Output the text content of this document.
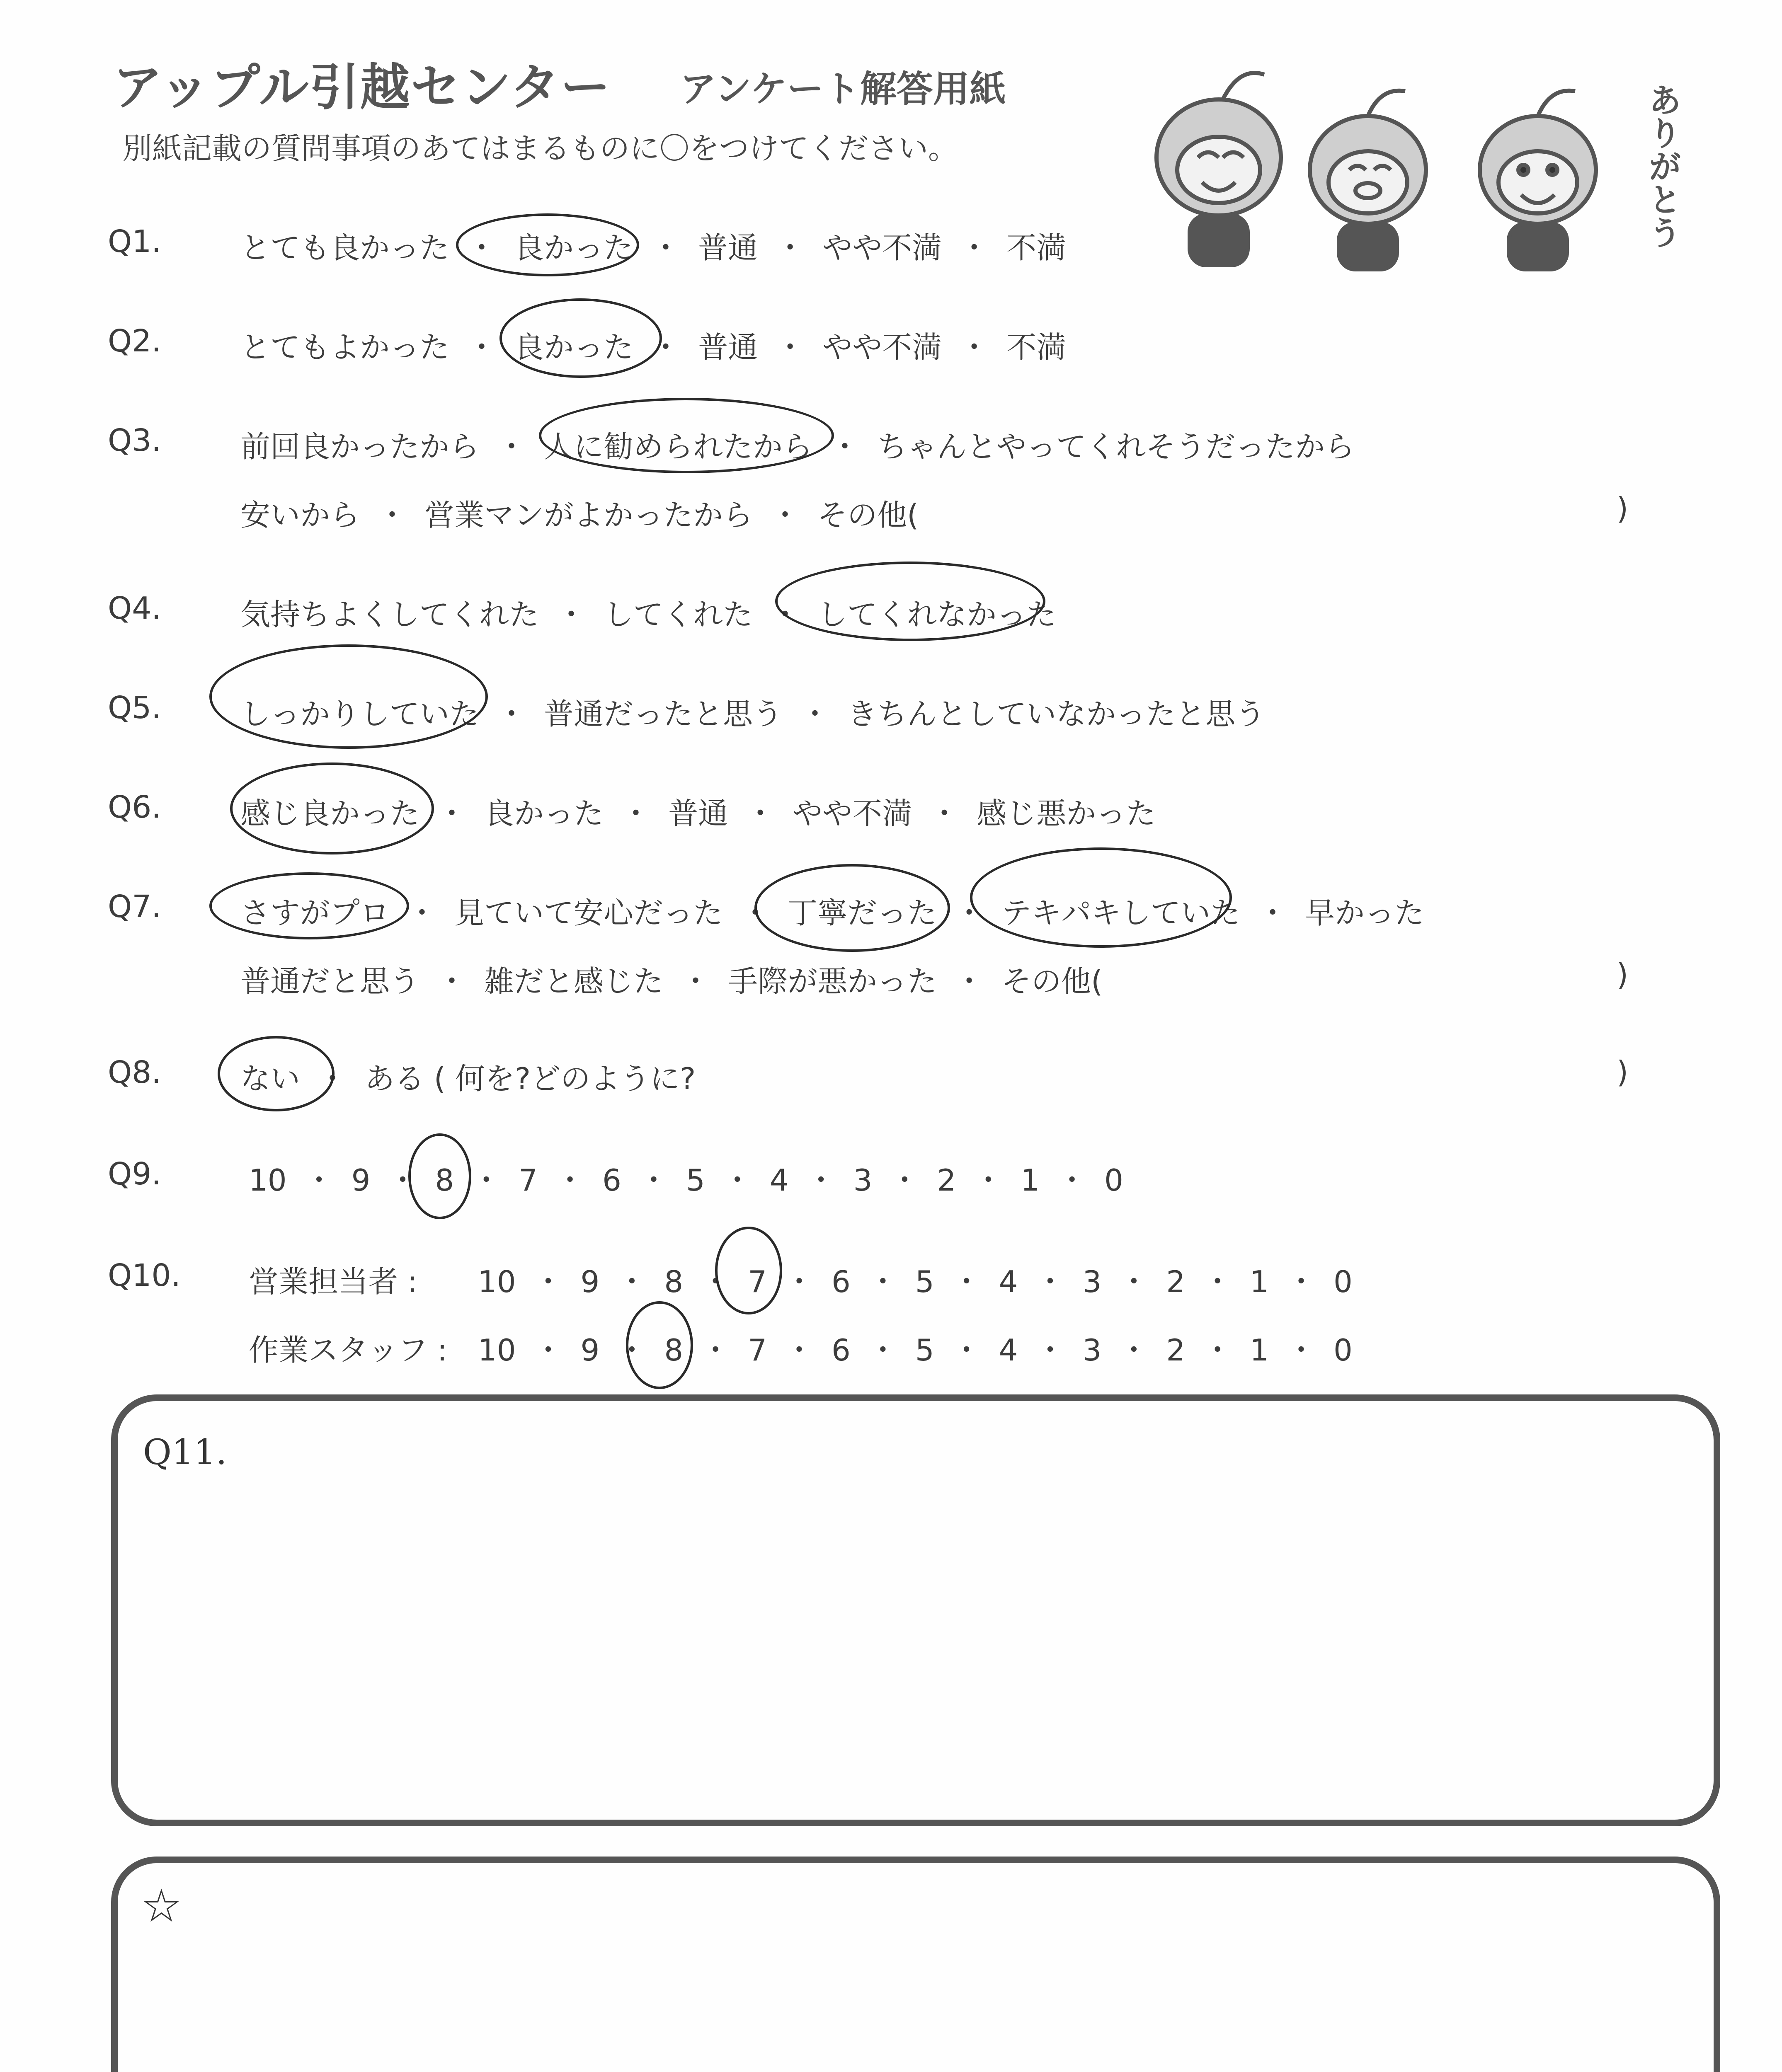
アップル引越センター アンケート解答用紙
別紙記載の質問事項のあてはまるものに〇をつけてください。	ありがとう
Q1.	とても良かった ・ 良かった ・ 普通 ・ やや不満 ・ 不満
Q2.	とてもよかった ・ 良かった ・ 普通 ・ やや不満 ・ 不満
Q3.	前回良かったから ・ 人に勧められたから ・ ちゃんとやってくれそうだったから
安いから ・ 営業マンがよかったから ・ その他(	)
Q4.	気持ちよくしてくれた ・ してくれた ・ してくれなかった
Q5.	しっかりしていた ・ 普通だったと思う ・ きちんとしていなかったと思う
Q6.	感じ良かった ・ 良かった ・ 普通 ・ やや不満 ・ 感じ悪かった
Q7.	さすがプロ ・ 見ていて安心だった ・ 丁寧だった ・ テキパキしていた ・ 早かった
普通だと思う ・ 雑だと感じた ・ 手際が悪かった ・ その他(	)
Q8.	ない ・ ある ( 何を?どのように?	)
Q9.	10 ・ 9 ・ 8 ・ 7 ・ 6 ・ 5 ・ 4 ・ 3 ・ 2 ・ 1 ・ 0
Q10. 営業担当者 : 10 ・ 9 ・ 8 ・ 7 ・ 6 ・ 5 ・ 4 ・ 3 ・ 2 ・ 1 ・ 0
作業スタッフ : 10 ・ 9 ・ 8 ・ 7 ・ 6 ・ 5 ・ 4 ・ 3 ・ 2 ・ 1 ・ 0
Q11.
☆
